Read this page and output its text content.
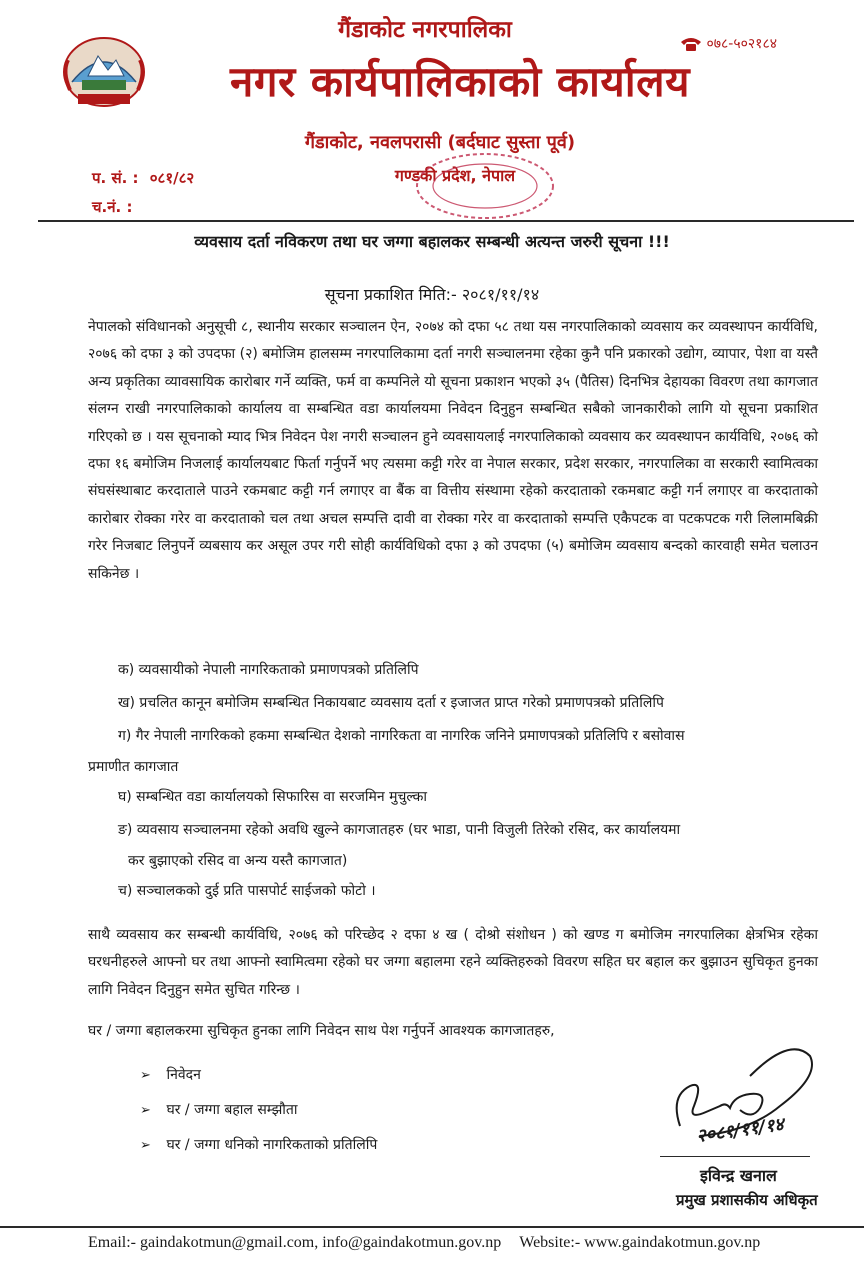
गैंडाकोट नगरपालिका
नगर कार्यपालिकाको कार्यालय
०७८-५०२१८४
गैंडाकोट, नवलपरासी (बर्दघाट सुस्ता पूर्व)
गण्डकी प्रदेश, नेपाल
प. सं. : ०८१/८२
च.नं. :
व्यवसाय दर्ता नविकरण तथा घर जग्गा बहालकर सम्बन्धी अत्यन्त जरुरी सूचना !!!
सूचना प्रकाशित मिति:- २०८१/११/१४
नेपालको संविधानको अनुसूची ८, स्थानीय सरकार सञ्चालन ऐन, २०७४ को दफा ५८ तथा यस नगरपालिकाको व्यवसाय कर व्यवस्थापन कार्यविधि, २०७६ को दफा ३ को उपदफा (२) बमोजिम हालसम्म नगरपालिकामा दर्ता नगरी सञ्चालनमा रहेका कुनै पनि प्रकारको उद्योग, व्यापार, पेशा वा यस्तै अन्य प्रकृतिका व्यावसायिक कारोबार गर्ने व्यक्ति, फर्म वा कम्पनिले यो सूचना प्रकाशन भएको ३५ (पैतिस) दिनभित्र देहायका विवरण तथा कागजात संलग्न राखी नगरपालिकाको कार्यालय वा सम्बन्धित वडा कार्यालयमा निवेदन दिनुहुन सम्बन्धित सबैको जानकारीको लागि यो सूचना प्रकाशित गरिएको छ । यस सूचनाको म्याद भित्र निवेदन पेश नगरी सञ्चालन हुने व्यवसायलाई नगरपालिकाको व्यवसाय कर व्यवस्थापन कार्यविधि, २०७६ को दफा १६ बमोजिम निजलाई कार्यालयबाट फिर्ता गर्नुपर्ने भए त्यसमा कट्टी गरेर वा नेपाल सरकार, प्रदेश सरकार, नगरपालिका वा सरकारी स्वामित्वका संघसंस्थाबाट करदाताले पाउने रकमबाट कट्टी गर्न लगाएर वा बैंक वा वित्तीय संस्थामा रहेको करदाताको रकमबाट कट्टी गर्न लगाएर वा करदाताको कारोबार रोक्का गरेर वा करदाताको चल तथा अचल सम्पत्ति दावी वा रोक्का गरेर वा करदाताको सम्पत्ति एकैपटक वा पटकपटक गरी लिलामबिक्री गरेर निजबाट लिनुपर्ने व्यबसाय कर असूल उपर गरी सोही कार्यविधिको दफा ३ को उपदफा (५) बमोजिम व्यवसाय बन्दको कारवाही समेत चलाउन सकिनेछ ।
क) व्यवसायीको नेपाली नागरिकताको प्रमाणपत्रको प्रतिलिपि
ख) प्रचलित कानून बमोजिम सम्बन्धित निकायबाट व्यवसाय दर्ता र इजाजत प्राप्त गरेको प्रमाणपत्रको प्रतिलिपि
ग) गैर नेपाली नागरिकको हकमा सम्बन्धित देशको नागरिकता वा नागरिक जनिने प्रमाणपत्रको प्रतिलिपि र बसोवास
प्रमाणीत कागजात
घ) सम्बन्धित वडा कार्यालयको सिफारिस वा सरजमिन मुचुल्का
ङ) व्यवसाय सञ्चालनमा रहेको अवधि खुल्ने कागजातहरु (घर भाडा, पानी विजुली तिरेको रसिद, कर कार्यालयमा
कर बुझाएको रसिद वा अन्य यस्तै कागजात)
च) सञ्चालकको दुई प्रति पासपोर्ट साईजको फोटो ।
साथै व्यवसाय कर सम्बन्धी कार्यविधि, २०७६ को परिच्छेद २ दफा ४ ख ( दोश्रो संशोधन ) को खण्ड ग बमोजिम नगरपालिका क्षेत्रभित्र रहेका घरधनीहरुले आफ्नो घर तथा आफ्नो स्वामित्वमा रहेको घर जग्गा बहालमा रहने व्यक्तिहरुको विवरण सहित घर बहाल कर बुझाउन सुचिकृत हुनका लागि निवेदन दिनुहुन समेत सुचित गरिन्छ ।
घर / जग्गा बहालकरमा सुचिकृत हुनका लागि निवेदन साथ पेश गर्नुपर्ने आवश्यक कागजातहरु,
➢ निवेदन
➢ घर / जग्गा बहाल सम्झौता
➢ घर / जग्गा धनिको नागरिकताको प्रतिलिपि	२०८१/११/१४
इविन्द्र खनाल
प्रमुख प्रशासकीय अधिकृत
Email:- gaindakotmun@gmail.com, info@gaindakotmun.gov.np Website:- www.gaindakotmun.gov.np
